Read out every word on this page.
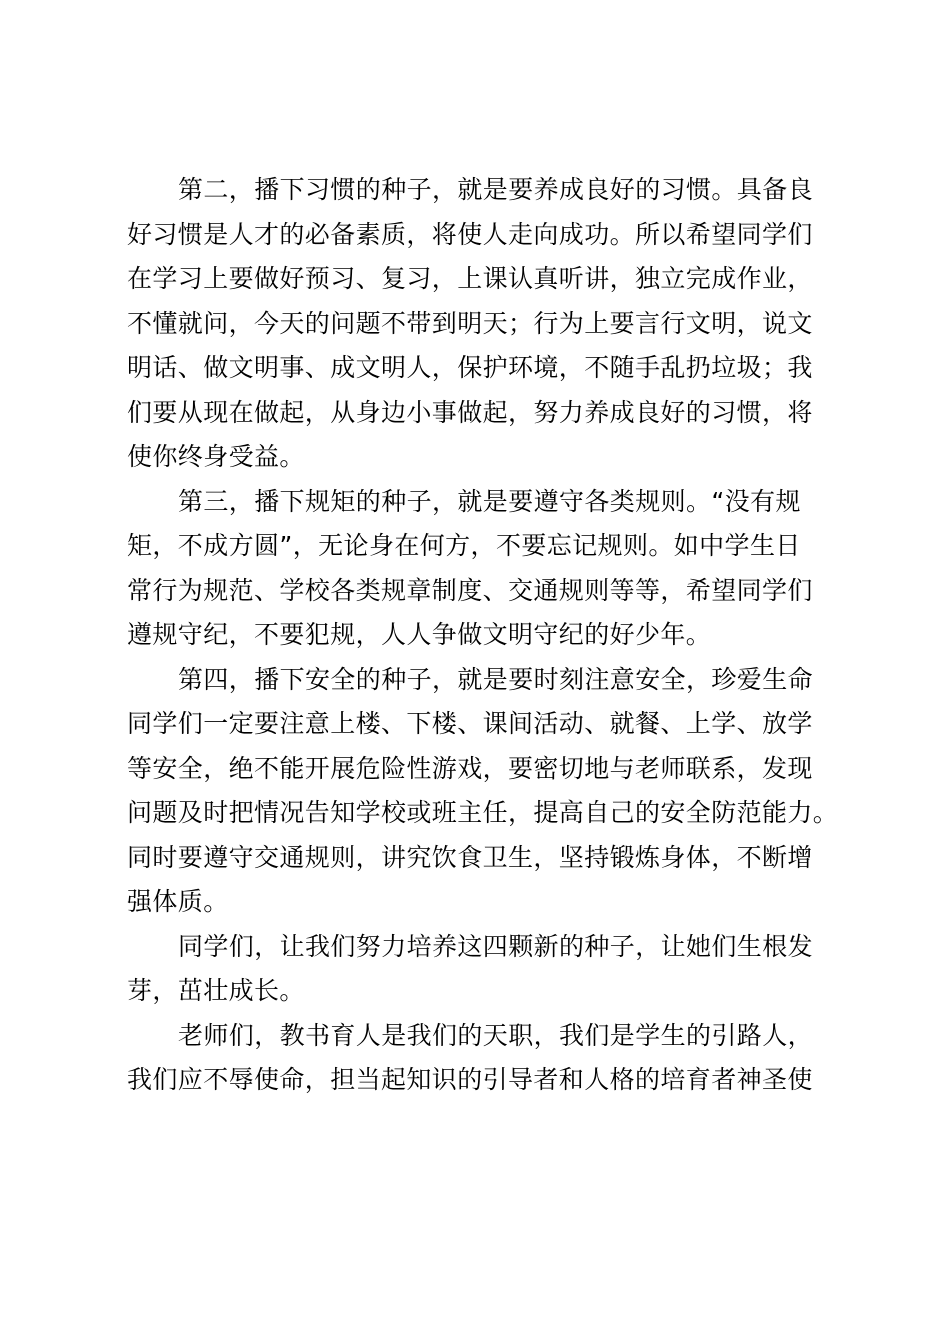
第二，播下习惯的种子，就是要养成良好的习惯。具备良
好习惯是人才的必备素质，将使人走向成功。所以希望同学们
在学习上要做好预习、复习，上课认真听讲，独立完成作业，
不懂就问，今天的问题不带到明天；行为上要言行文明，说文
明话、做文明事、成文明人，保护环境，不随手乱扔垃圾；我
们要从现在做起，从身边小事做起，努力养成良好的习惯，将
使你终身受益。
第三，播下规矩的种子，就是要遵守各类规则。“没有规
矩，不成方圆”，无论身在何方，不要忘记规则。如中学生日
常行为规范、学校各类规章制度、交通规则等等，希望同学们
遵规守纪，不要犯规，人人争做文明守纪的好少年。
第四，播下安全的种子，就是要时刻注意安全，珍爱生命
同学们一定要注意上楼、下楼、课间活动、就餐、上学、放学
等安全，绝不能开展危险性游戏，要密切地与老师联系，发现
问题及时把情况告知学校或班主任，提高自己的安全防范能力。
同时要遵守交通规则，讲究饮食卫生，坚持锻炼身体，不断增
强体质。
同学们，让我们努力培养这四颗新的种子，让她们生根发
芽，茁壮成长。
老师们，教书育人是我们的天职，我们是学生的引路人，
我们应不辱使命，担当起知识的引导者和人格的培育者神圣使
